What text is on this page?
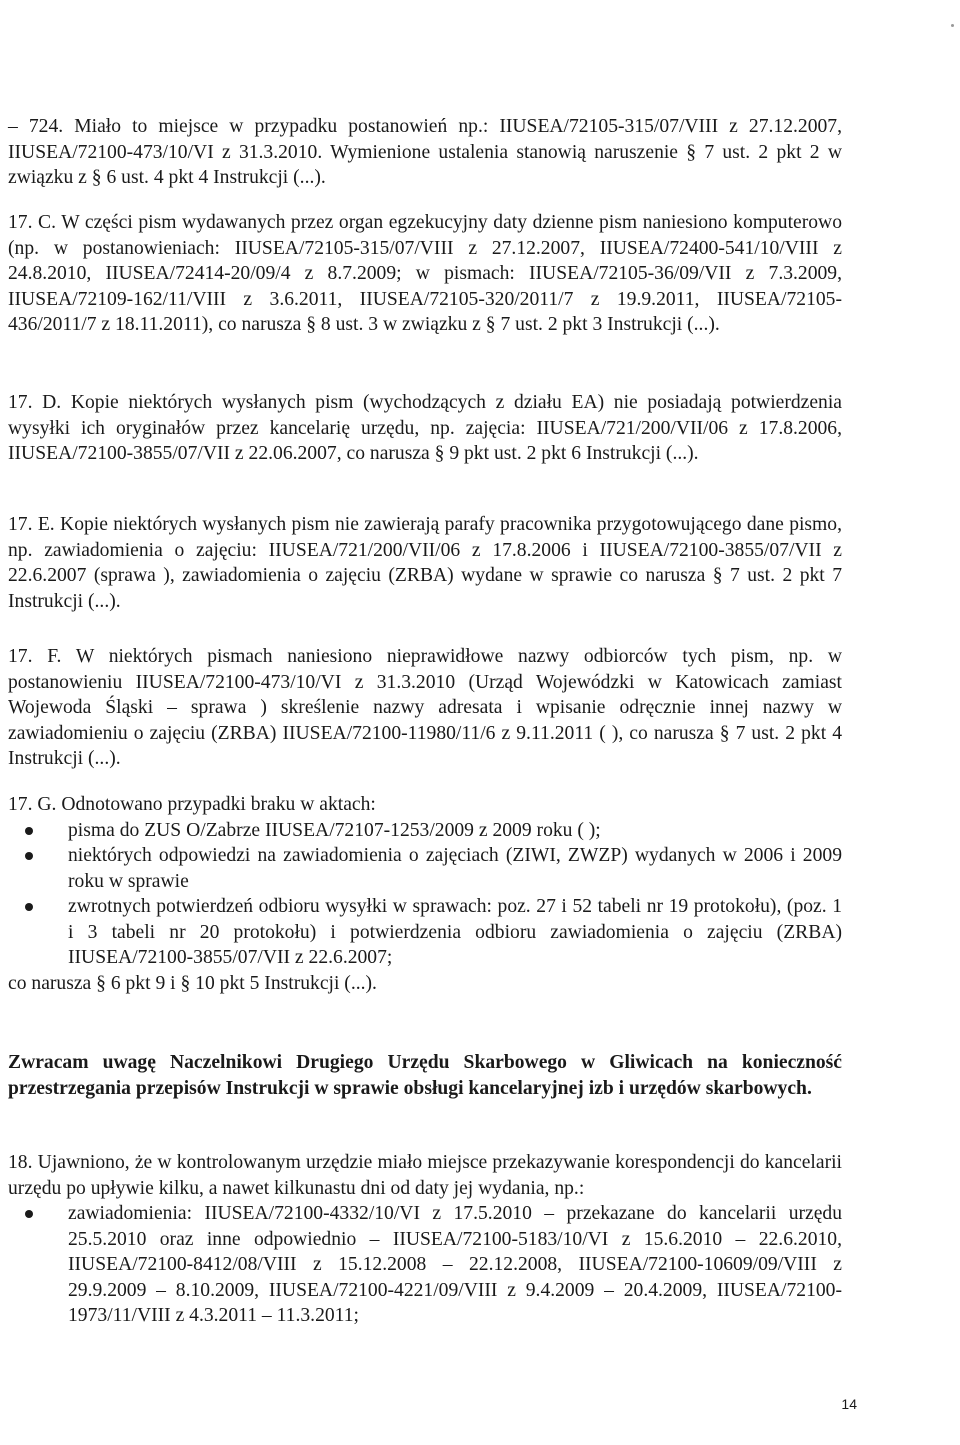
– 724. Miało to miejsce w przypadku postanowień np.: IIUSEA/72105-315/07/VIII z 27.12.2007, IIUSEA/72100-473/10/VI z 31.3.2010. Wymienione ustalenia stanowią naruszenie § 7 ust. 2 pkt 2 w związku z § 6 ust. 4 pkt 4 Instrukcji (...).

17. C. W części pism wydawanych przez organ egzekucyjny daty dzienne pism naniesiono komputerowo (np. w postanowieniach: IIUSEA/72105-315/07/VIII z 27.12.2007, IIUSEA/72400-541/10/VIII z 24.8.2010, IIUSEA/72414-20/09/4 z 8.7.2009; w pismach: IIUSEA/72105-36/09/VII z 7.3.2009, IIUSEA/72109-162/11/VIII z 3.6.2011, IIUSEA/72105-320/2011/7 z 19.9.2011, IIUSEA/72105-436/2011/7 z 18.11.2011), co narusza § 8 ust. 3 w związku z § 7 ust. 2 pkt 3 Instrukcji (...).

17. D. Kopie niektórych wysłanych pism (wychodzących z działu EA) nie posiadają potwierdzenia wysyłki ich oryginałów przez kancelarię urzędu, np. zajęcia: IIUSEA/721/200/VII/06 z 17.8.2006, IIUSEA/72100-3855/07/VII z 22.06.2007, co narusza § 9 pkt ust. 2 pkt 6 Instrukcji (...).

17. E. Kopie niektórych wysłanych pism nie zawierają parafy pracownika przygotowującego dane pismo, np. zawiadomienia o zajęciu: IIUSEA/721/200/VII/06 z 17.8.2006 i IIUSEA/72100-3855/07/VII z 22.6.2007 (sprawa ), zawiadomienia o zajęciu (ZRBA) wydane w sprawie co narusza § 7 ust. 2 pkt 7 Instrukcji (...).

17. F. W niektórych pismach naniesiono nieprawidłowe nazwy odbiorców tych pism, np. w postanowieniu IIUSEA/72100-473/10/VI z 31.3.2010 (Urząd Wojewódzki w Katowicach zamiast Wojewoda Śląski – sprawa ) skreślenie nazwy adresata i wpisanie odręcznie innej nazwy w zawiadomieniu o zajęciu (ZRBA) IIUSEA/72100-11980/11/6 z 9.11.2011 ( ), co narusza § 7 ust. 2 pkt 4 Instrukcji (...).

17. G. Odnotowano przypadki braku w aktach:

pisma do ZUS O/Zabrze IIUSEA/72107-1253/2009 z 2009 roku ( );
niektórych odpowiedzi na zawiadomienia o zajęciach (ZIWI, ZWZP) wydanych w 2006 i 2009 roku w sprawie
zwrotnych potwierdzeń odbioru wysyłki w sprawach: poz. 27 i 52 tabeli nr 19 protokołu), (poz. 1 i 3 tabeli nr 20 protokołu) i potwierdzenia odbioru zawiadomienia o zajęciu (ZRBA) IIUSEA/72100-3855/07/VII z 22.6.2007;

co narusza § 6 pkt 9 i § 10 pkt 5 Instrukcji (...).

Zwracam uwagę Naczelnikowi Drugiego Urzędu Skarbowego w Gliwicach na konieczność przestrzegania przepisów Instrukcji w sprawie obsługi kancelaryjnej izb i urzędów skarbowych.

18. Ujawniono, że w kontrolowanym urzędzie miało miejsce przekazywanie korespondencji do kancelarii urzędu po upływie kilku, a nawet kilkunastu dni od daty jej wydania, np.:

zawiadomienia: IIUSEA/72100-4332/10/VI z 17.5.2010 – przekazane do kancelarii urzędu 25.5.2010 oraz inne odpowiednio – IIUSEA/72100-5183/10/VI z 15.6.2010 – 22.6.2010, IIUSEA/72100-8412/08/VIII z 15.12.2008 – 22.12.2008, IIUSEA/72100-10609/09/VIII z 29.9.2009 – 8.10.2009, IIUSEA/72100-4221/09/VIII z 9.4.2009 – 20.4.2009, IIUSEA/72100-1973/11/VIII z 4.3.2011 – 11.3.2011;
14
